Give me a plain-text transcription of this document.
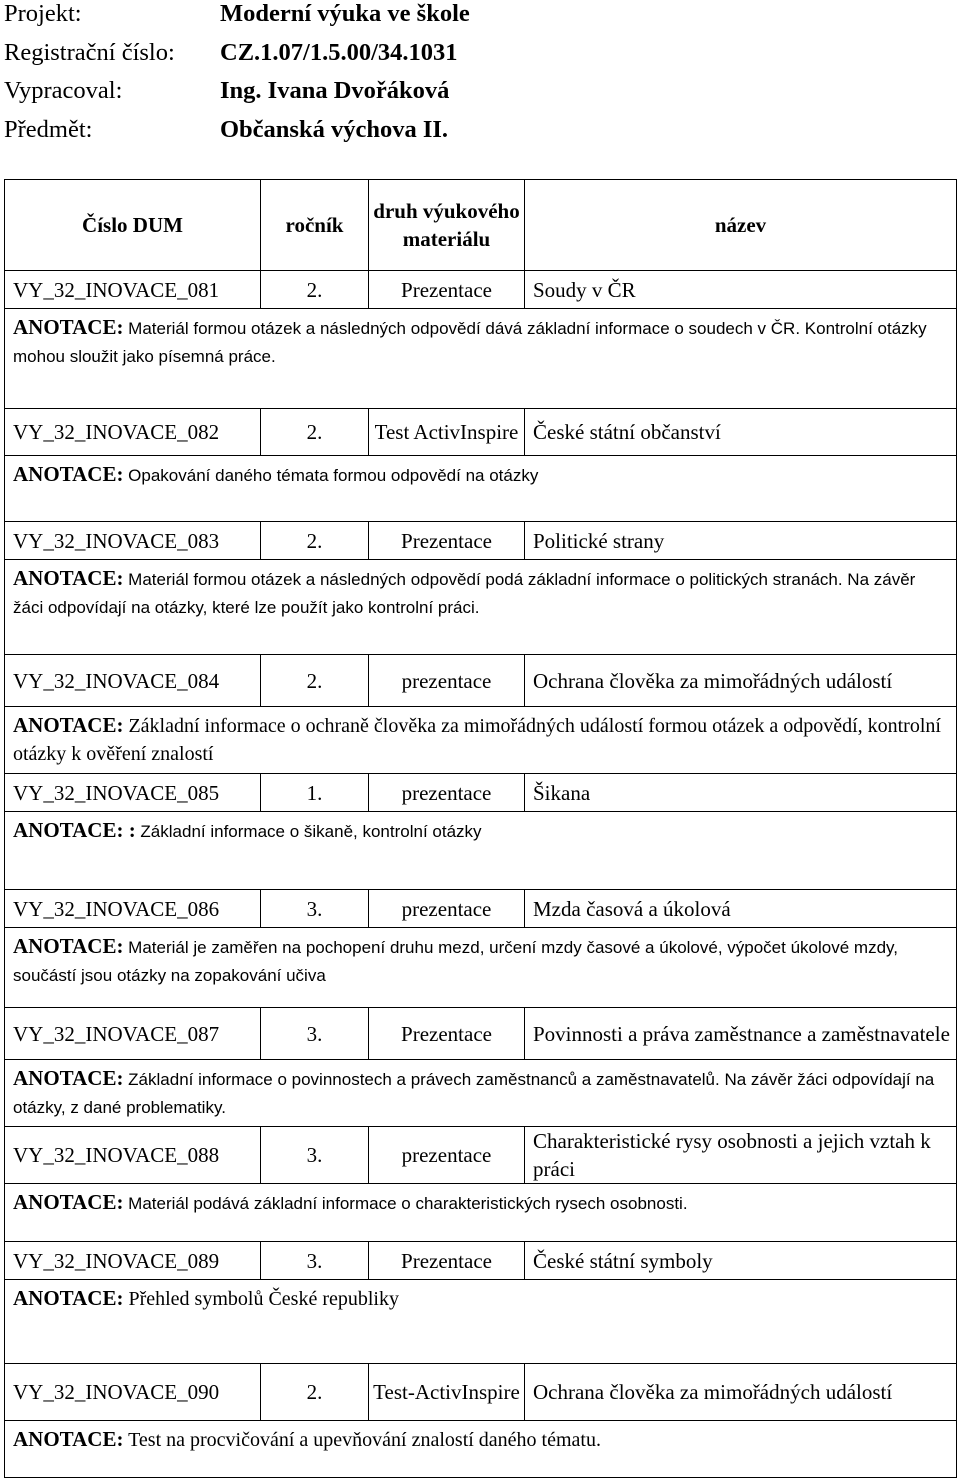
Projekt:	Moderní výuka ve škole
Registrační číslo: CZ.1.07/1.5.00/34.1031
Vypracoval:	Ing. Ivana Dvořáková
Předmět:	Občanská výchova II.
Číslo DUM	ročník	druh výukového materiálu	název
VY_32_INOVACE_081	2.	Prezentace	Soudy v ČR
ANOTACE: Materiál formou otázek a následných odpovědí dává základní informace o soudech v ČR. Kontrolní otázky mohou sloužit jako písemná práce.			
VY_32_INOVACE_082	2.	Test ActivInspire	České státní občanství
ANOTACE: Opakování daného témata formou odpovědí na otázky			
VY_32_INOVACE_083	2.	Prezentace	Politické strany
ANOTACE: Materiál formou otázek a následných odpovědí podá základní informace o politických stranách. Na závěr žáci odpovídají na otázky, které lze použít jako kontrolní práci.			
VY_32_INOVACE_084	2.	prezentace	Ochrana člověka za mimořádných událostí
ANOTACE: Základní informace o ochraně člověka za mimořádných událostí formou otázek a odpovědí, kontrolní otázky k ověření znalostí			
VY_32_INOVACE_085	1.	prezentace	Šikana
ANOTACE: : Základní informace o šikaně, kontrolní otázky			
VY_32_INOVACE_086	3.	prezentace	Mzda časová a úkolová
ANOTACE: Materiál je zaměřen na pochopení druhu mezd, určení mzdy časové a úkolové, výpočet úkolové mzdy, součástí jsou otázky na zopakování učiva			
VY_32_INOVACE_087	3.	Prezentace	Povinnosti a práva zaměstnance a zaměstnavatele
ANOTACE: Základní informace o povinnostech a právech zaměstnanců a zaměstnavatelů. Na závěr žáci odpovídají na otázky, z dané problematiky.			
VY_32_INOVACE_088	3.	prezentace	Charakteristické rysy osobnosti a jejich vztah k práci
ANOTACE: Materiál podává základní informace o charakteristických rysech osobnosti.			
VY_32_INOVACE_089	3.	Prezentace	České státní symboly
ANOTACE: Přehled symbolů České republiky			
VY_32_INOVACE_090	2.	Test-ActivInspire	Ochrana člověka za mimořádných událostí
ANOTACE: Test na procvičování a upevňování znalostí daného tématu.			
